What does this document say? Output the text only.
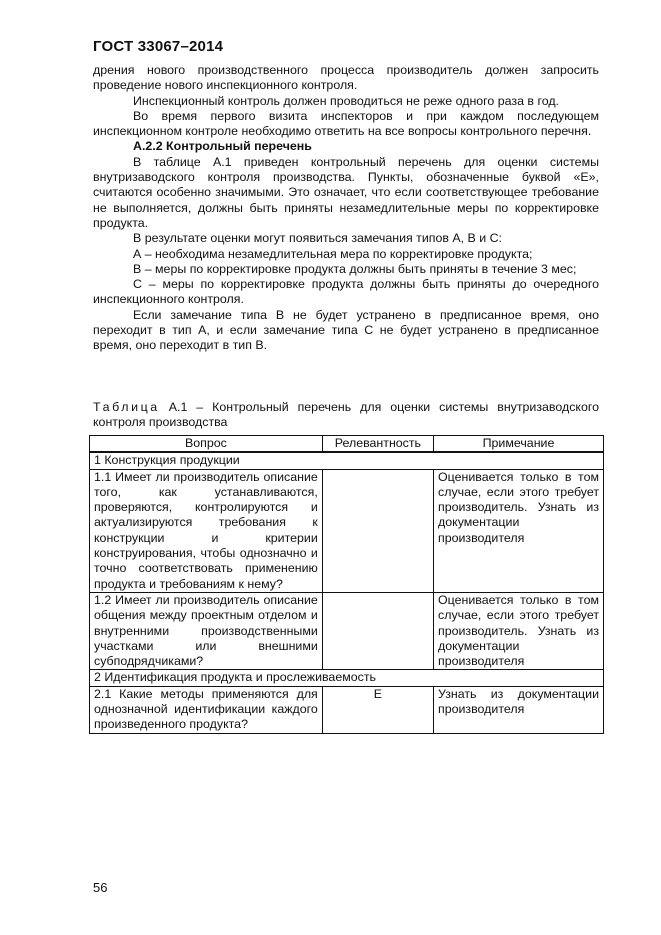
ГОСТ 33067–2014

дрения нового производственного процесса производитель должен запросить проведение нового инспекционного контроля.

Инспекционный контроль должен проводиться не реже одного раза в год.

Во время первого визита инспекторов и при каждом последующем инспекционном контроле необходимо ответить на все вопросы контрольного перечня.

А.2.2 Контрольный перечень

В таблице А.1 приведен контрольный перечень для оценки системы внутризаводского контроля производства. Пункты, обозначенные буквой «Е», считаются особенно значимыми. Это означает, что если соответствующее требование не выполняется, должны быть приняты незамедлительные меры по корректировке продукта.

В результате оценки могут появиться замечания типов А, В и С:

А – необходима незамедлительная мера по корректировке продукта;

В – меры по корректировке продукта должны быть приняты в течение 3 мес;

С – меры по корректировке продукта должны быть приняты до очередного инспекционного контроля.

Если замечание типа В не будет устранено в предписанное время, оно переходит в тип А, и если замечание типа С не будет устранено в предписанное время, оно переходит в тип В.

Таблица А.1 – Контрольный перечень для оценки системы внутризаводского контроля производства
Вопрос	Релевантность	Примечание
1 Конструкция продукции		
1.1 Имеет ли производитель описание того, как устанавливаются, проверяются, контролируются и актуализируются требования к конструкции и критерии конструирования, чтобы однозначно и точно соответствовать применению продукта и требованиям к нему?		Оценивается только в том случае, если этого требует производитель. Узнать из документации производителя
1.2 Имеет ли производитель описание общения между проектным отделом и внутренними производственными участками или внешними субподрядчиками?		Оценивается только в том случае, если этого требует производитель. Узнать из документации производителя
2 Идентификация продукта и прослеживаемость		
2.1 Какие методы применяются для однозначной идентификации каждого произведенного продукта?	Е	Узнать из документации производителя
56
